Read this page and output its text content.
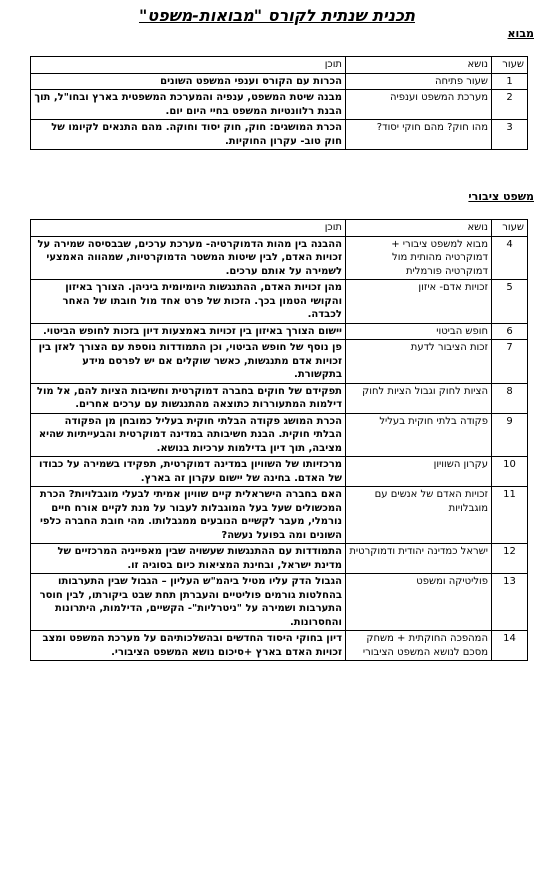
תכנית שנתית לקורס "מבואות-משפט"
מבוא
שעור	נושא	תוכן
1	שעור פתיחה	הכרות עם הקורס וענפי המשפט השונים
2	מערכת המשפט וענפיה	מבנה שיטת המשפט, ענפיה והמערכת המשפטית בארץ ובחו"ל, תוך הבנת רלוונטיות המשפט בחיי היום יום.
3	מהו חוק? מהם חוקי יסוד?	הכרת המושגים: חוק, חוק יסוד וחוקה. מהם התנאים לקיומו של חוק טוב- עקרון החוקיות.
משפט ציבורי
שעור	נושא	תוכן
4	מבוא למשפט ציבורי + דמוקרטיה מהותית מול דמוקרטיה פורמלית	ההבנה בין מהות הדמוקרטיה- מערכת ערכים, שבבסיסה שמירה על זכויות האדם, לבין שיטות המשטר הדמוקרטיות, שמהווה האמצעי לשמירה על אותם ערכים.
5	זכויות אדם- איזון	מהן זכויות האדם, ההתנגשות היומיומית ביניהן. הצורך באיזון והקושי הטמון בכך. הזכות של פרט אחד מול חובתו של האחר לכבדה.
6	חופש הביטוי	יישום הצורך באיזון בין זכויות באמצעות דיון בזכות לחופש הביטוי.
7	זכות הציבור לדעת	פן נוסף של חופש הביטוי, וכן התמודדות נוספת עם הצורך לאזן בין זכויות אדם מתנגשות, כאשר שוקלים אם יש לפרסם מידע בתקשורת.
8	הציות לחוק וגבול הציות לחוק	תפקידם של חוקים בחברה דמוקרטית וחשיבות הציות להם, אל מול דילמות המתעוררות כתוצאה מהתנגשות עם ערכים אחרים.
9	פקודה בלתי חוקית בעליל	הכרת המושג פקודה הבלתי חוקית בעליל כמובחן מן הפקודה הבלתי חוקית. הבנת חשיבותה במדינה דמוקרטית והבעייתיות שהיא מציבה, תוך דיון בדילמות ערכיות בנושא.
10	עקרון השוויון	מרכזיותו של השוויון במדינה דמוקרטית, תפקידו בשמירה על כבודו של האדם. בחינה של יישום עקרון זה בארץ.
11	זכויות האדם של אנשים עם מוגבלויות	האם בחברה הישראלית קיים שוויון אמיתי לבעלי מוגבלויות? הכרת המכשולים שעל בעל המוגבלות לעבור על מנת לקיים אורח חיים נורמלי, מעבר לקשיים הנובעים ממגבלותו. מהי חובת החברה כלפי השונים ומה בפועל נעשה?
12	ישראל כמדינה יהודית ודמוקרטית	התמודדות עם ההתנגשות שעשויה שבין מאפייניה המרכזיים של מדינת ישראל, ובחינת המציאות כיום בסוגיה זו.
13	פוליטיקה ומשפט	הגבול הדק עליו מטיל ביהמ"ש העליון – הגבול שבין התערבותו בהחלטות גורמים פוליטיים והעברתן תחת שבט ביקורתו, לבין חוסר התערבות ושמירה על "ניטרליות"- הקשיים, הדילמות, היתרונות והחסרונות.
14	המהפכה החוקתית + משחק מסכם לנושא המשפט הציבורי	דיון בחוקי היסוד החדשים ובהשלכותיהם על מערכת המשפט ומצב זכויות האדם בארץ +סיכום נושא המשפט הציבורי.
